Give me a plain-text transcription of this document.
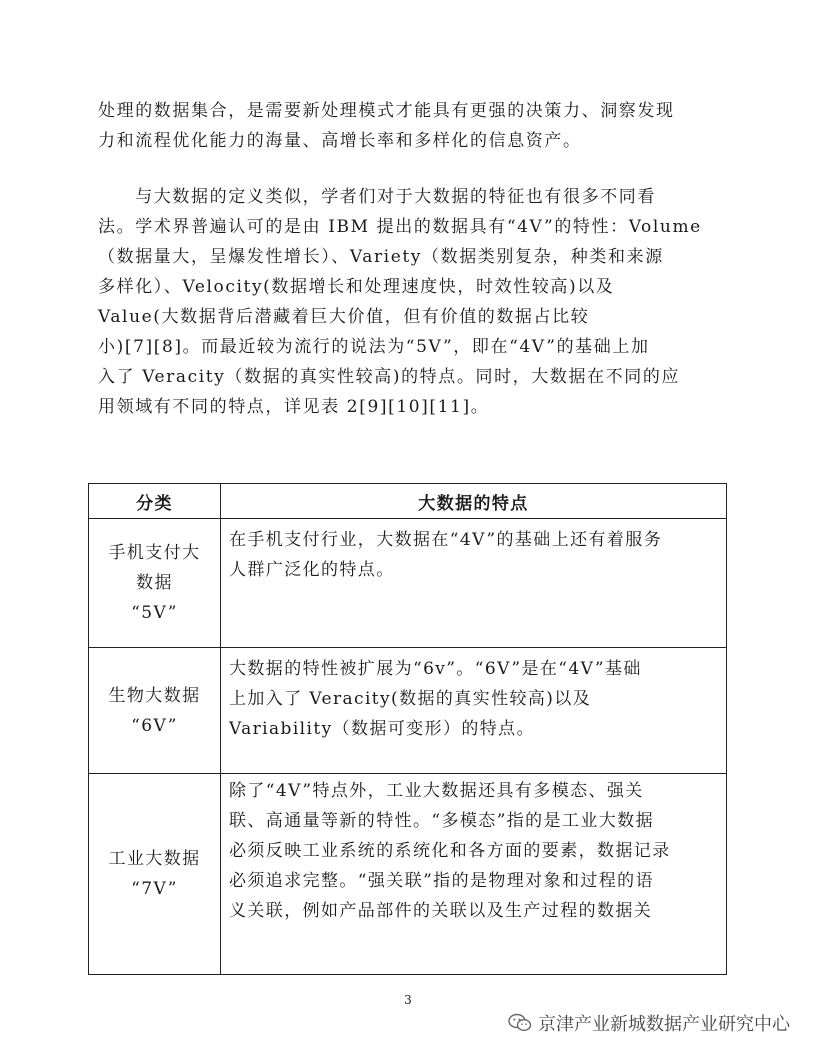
处理的数据集合，是需要新处理模式才能具有更强的决策力、洞察发现
力和流程优化能力的海量、高增长率和多样化的信息资产。
　　与大数据的定义类似，学者们对于大数据的特征也有很多不同看
法。学术界普遍认可的是由 IBM 提出的数据具有“4V”的特性：Volume
（数据量大，呈爆发性增长）、Variety（数据类别复杂，种类和来源
多样化）、Velocity(数据增长和处理速度快，时效性较高)以及
Value(大数据背后潜藏着巨大价值，但有价值的数据占比较
小)[7][8]。而最近较为流行的说法为“5V”，即在“4V”的基础上加
入了 Veracity（数据的真实性较高)的特点。同时，大数据在不同的应
用领域有不同的特点，详见表 2[9][10][11]。
分类	大数据的特点

手机支付大
数据
“5V”	在手机支付行业，大数据在“4V”的基础上还有着服务
人群广泛化的特点。

生物大数据
“6V”	大数据的特性被扩展为“6v”。“6V”是在“4V”基础
上加入了 Veracity(数据的真实性较高)以及
Variability（数据可变形）的特点。

工业大数据
“7V”	除了“4V”特点外，工业大数据还具有多模态、强关
联、高通量等新的特性。“多模态”指的是工业大数据
必须反映工业系统的系统化和各方面的要素，数据记录
必须追求完整。“强关联”指的是物理对象和过程的语
义关联，例如产品部件的关联以及生产过程的数据关
3
京津产业新城数据产业研究中心
